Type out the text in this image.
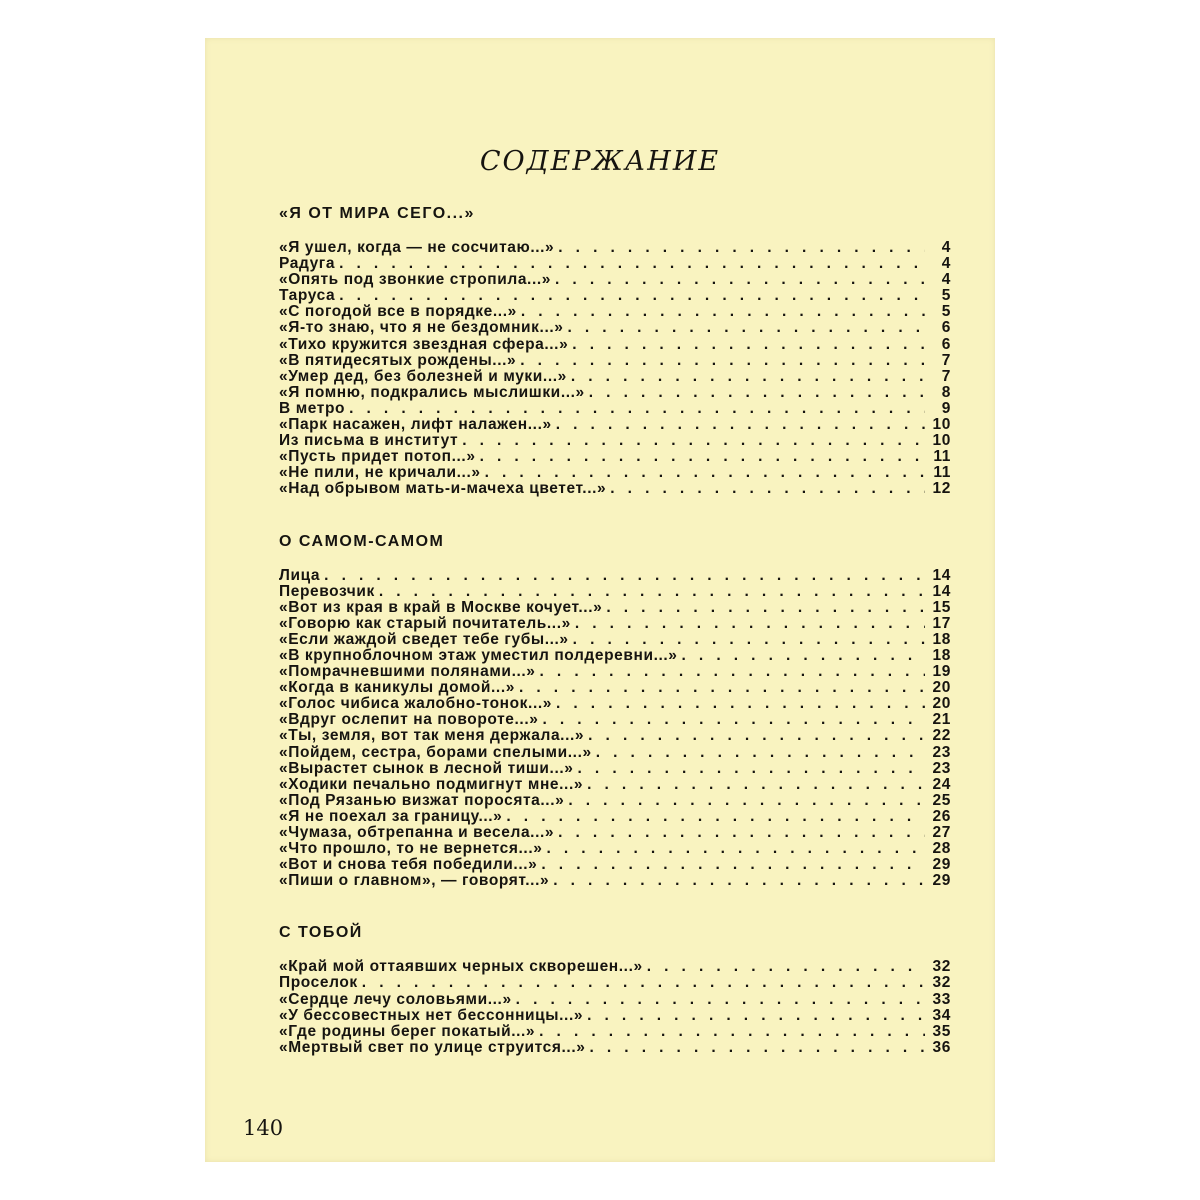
СОДЕРЖАНИЕ
«Я ОТ МИРА СЕГО...»
«Я ушел, когда — не сосчитаю...» . . .	4
Радуга . . .	4
«Опять под звонкие стропила...» . . .	4
Таруса . . .	5
«С погодой все в порядке...» . . .	5
«Я-то знаю, что я не бездомник...» . . .	6
«Тихо кружится звездная сфера...» . . .	6
«В пятидесятых рождены...» . . .	7
«Умер дед, без болезней и муки...» . . .	7
«Я помню, подкрались мыслишки...» . . .	8
В метро . . .	9
«Парк насажен, лифт налажен...» . . .	10
Из письма в институт . . .	10
«Пусть придет потоп...» . . .	11
«Не пили, не кричали...» . . .	11
«Над обрывом мать-и-мачеха цветет...» . . .	12
О САМОМ-САМОМ
Лица . . .	14
Перевозчик . . .	14
«Вот из края в край в Москве кочует...» . . .	15
«Говорю как старый почитатель...» . . .	17
«Если жаждой сведет тебе губы...» . . .	18
«В крупноблочном этаж уместил полдеревни...» . . .	18
«Помрачневшими полянами...» . . .	19
«Когда в каникулы домой...» . . .	20
«Голос чибиса жалобно-тонок...» . . .	20
«Вдруг ослепит на повороте...» . . .	21
«Ты, земля, вот так меня держала...» . . .	22
«Пойдем, сестра, борами спелыми...» . . .	23
«Вырастет сынок в лесной тиши...» . . .	23
«Ходики печально подмигнут мне...» . . .	24
«Под Рязанью визжат поросята...» . . .	25
«Я не поехал за границу...» . . .	26
«Чумаза, обтрепанна и весела...» . . .	27
«Что прошло, то не вернется...» . . .	28
«Вот и снова тебя победили...» . . .	29
«Пиши о главном», — говорят...» . . .	29
С ТОБОЙ
«Край мой оттаявших черных скворешен...» . . .	32
Проселок . . .	32
«Сердце лечу соловьями...» . . .	33
«У бессовестных нет бессонницы...» . . .	34
«Где родины берег покатый...» . . .	35
«Мертвый свет по улице струится...» . . .	36
140
